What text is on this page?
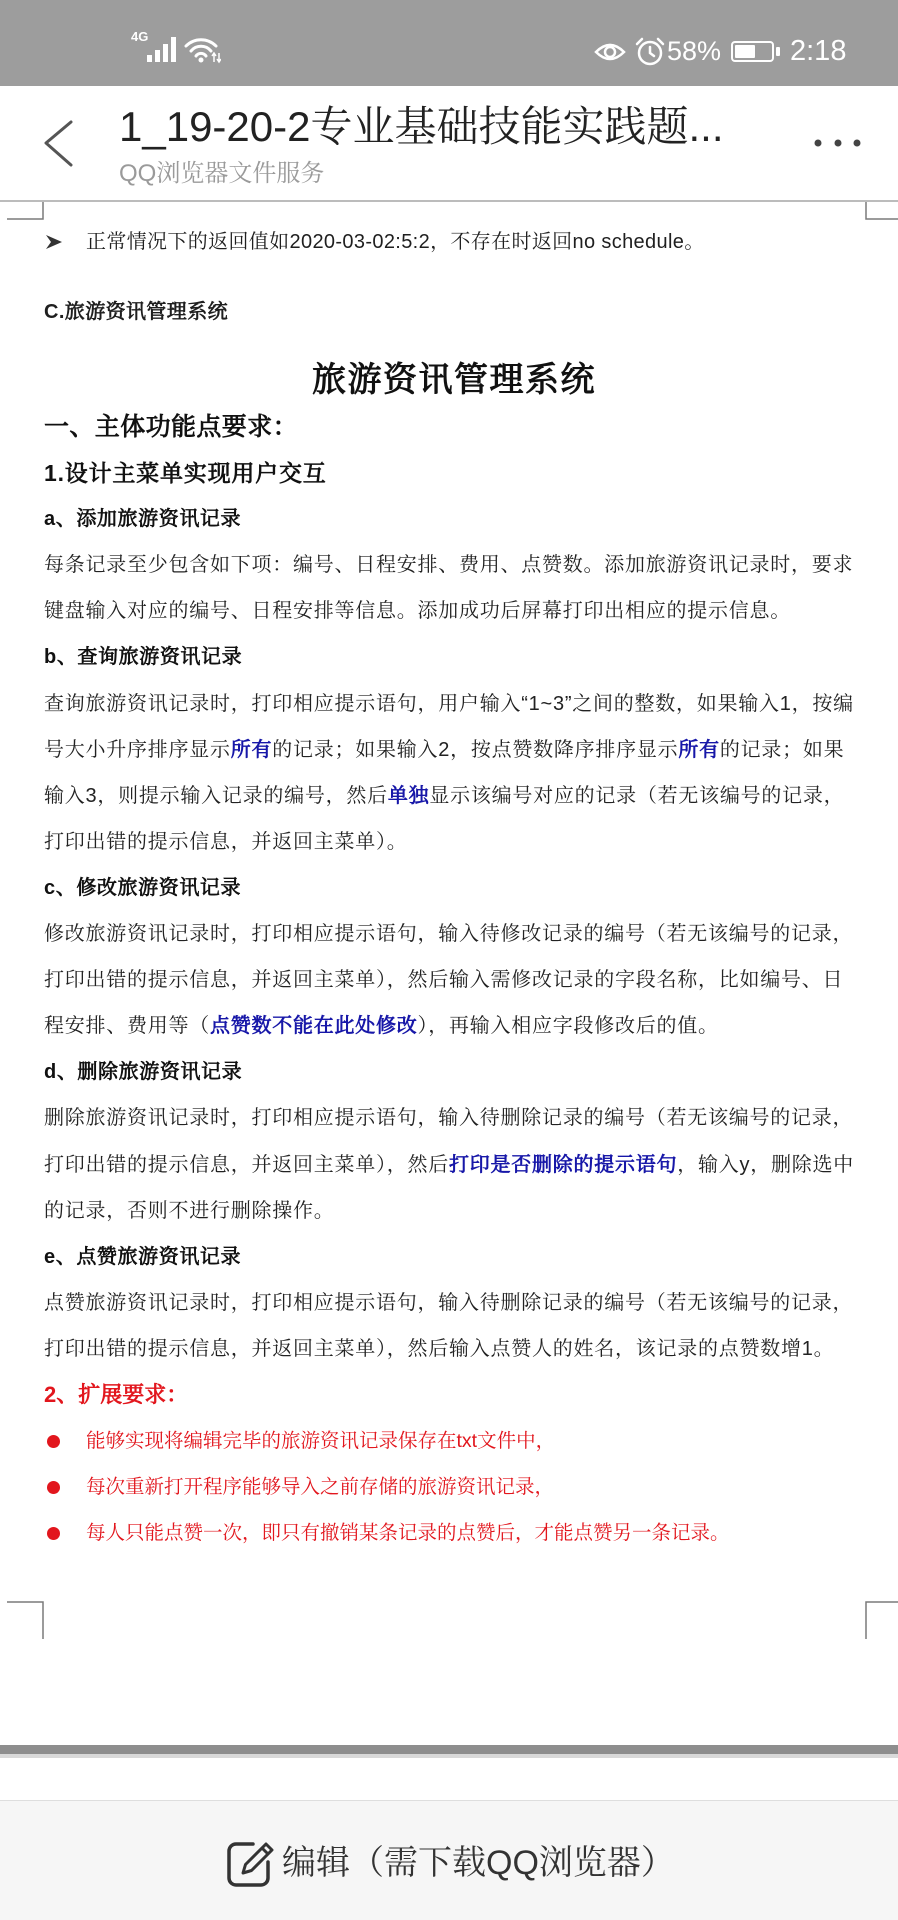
4G	58% 2:18
1_19-20-2专业基础技能实践题...
QQ浏览器文件服务
正常情况下的返回值如2020-03-02:5:2，不存在时返回no schedule。
C.旅游资讯管理系统
旅游资讯管理系统
一、主体功能点要求：
1.设计主菜单实现用户交互
a、添加旅游资讯记录
每条记录至少包含如下项：编号、日程安排、费用、点赞数。添加旅游资讯记录时，要求
键盘输入对应的编号、日程安排等信息。添加成功后屏幕打印出相应的提示信息。
b、查询旅游资讯记录
查询旅游资讯记录时，打印相应提示语句，用户输入“1~3”之间的整数，如果输入1，按编
号大小升序排序显示所有的记录；如果输入2，按点赞数降序排序显示所有的记录；如果
输入3，则提示输入记录的编号，然后单独显示该编号对应的记录（若无该编号的记录，
打印出错的提示信息，并返回主菜单）。
c、修改旅游资讯记录
修改旅游资讯记录时，打印相应提示语句，输入待修改记录的编号（若无该编号的记录，
打印出错的提示信息，并返回主菜单），然后输入需修改记录的字段名称，比如编号、日
程安排、费用等（点赞数不能在此处修改），再输入相应字段修改后的值。
d、删除旅游资讯记录
删除旅游资讯记录时，打印相应提示语句，输入待删除记录的编号（若无该编号的记录，
打印出错的提示信息，并返回主菜单），然后打印是否删除的提示语句，输入y，删除选中
的记录，否则不进行删除操作。
e、点赞旅游资讯记录
点赞旅游资讯记录时，打印相应提示语句，输入待删除记录的编号（若无该编号的记录，
打印出错的提示信息，并返回主菜单），然后输入点赞人的姓名，该记录的点赞数增1。
2、扩展要求：
能够实现将编辑完毕的旅游资讯记录保存在txt文件中，
每次重新打开程序能够导入之前存储的旅游资讯记录，
每人只能点赞一次，即只有撤销某条记录的点赞后，才能点赞另一条记录。
编辑（需下载QQ浏览器）
